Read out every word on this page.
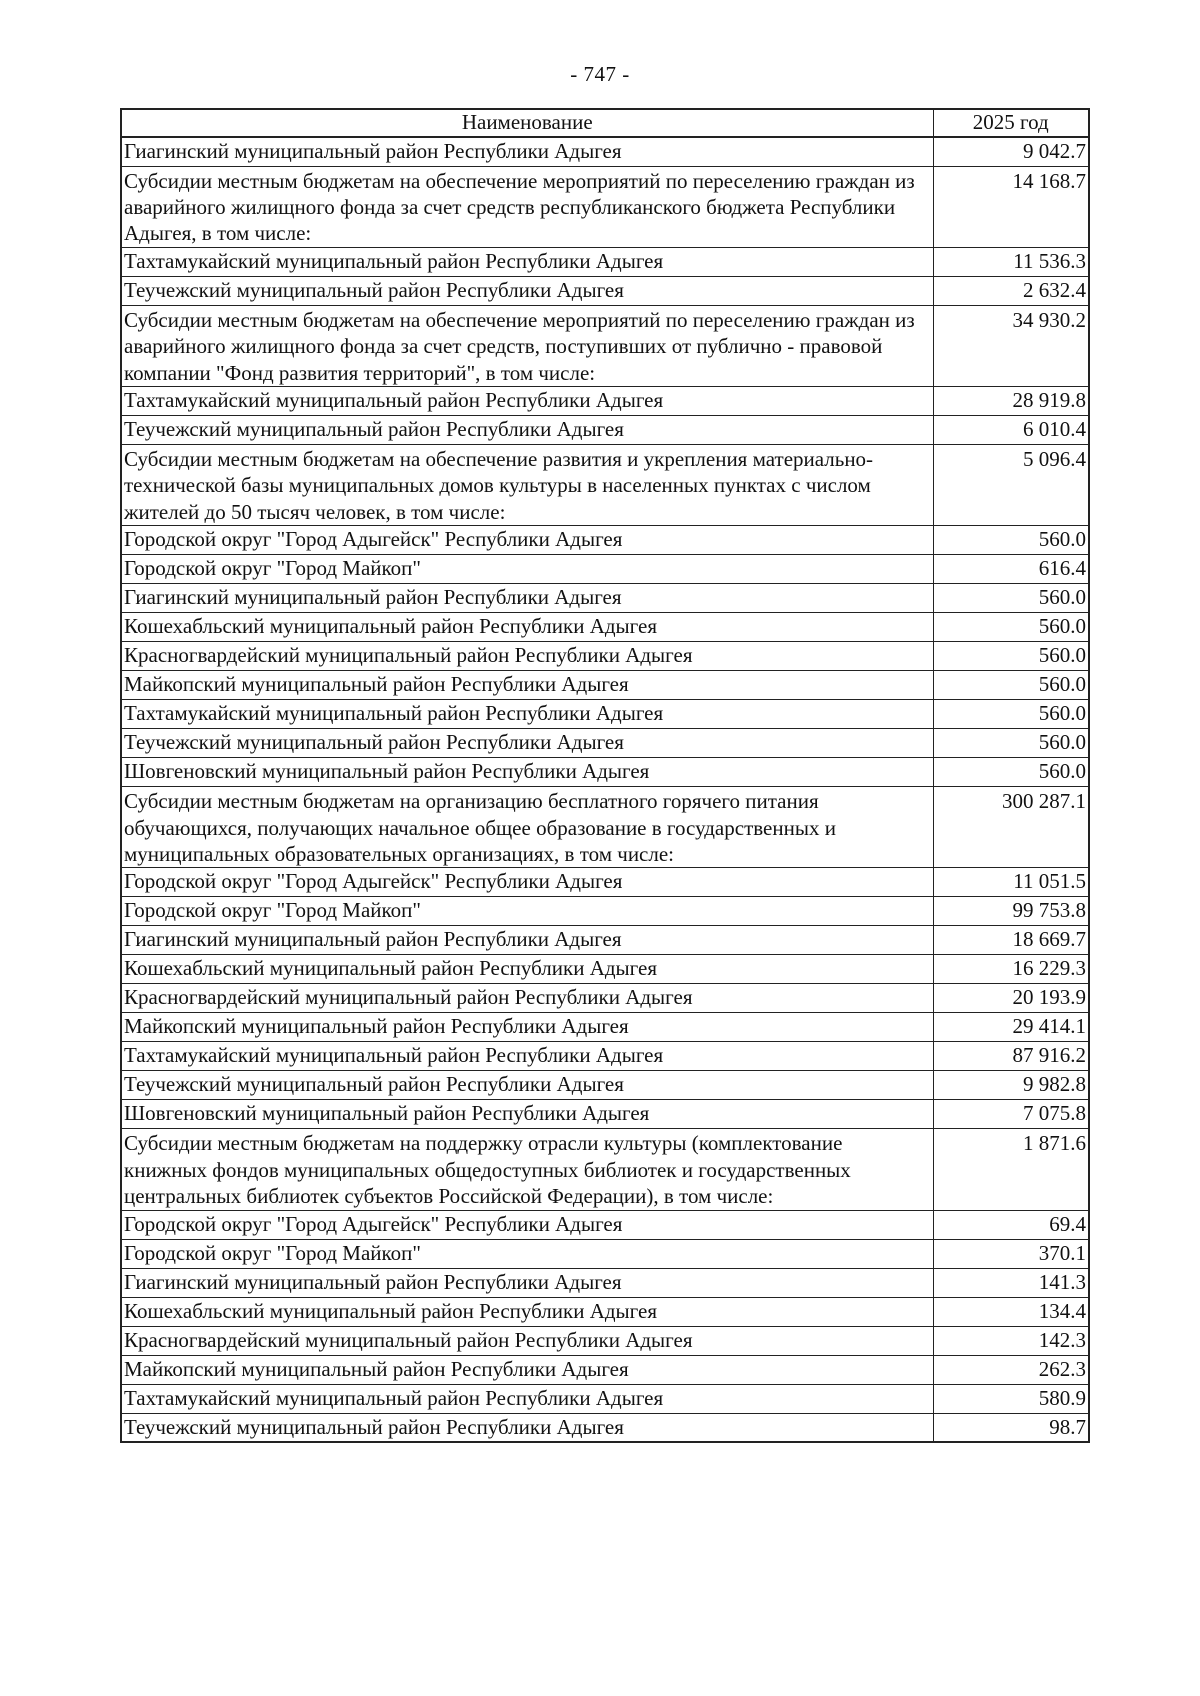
- 747 -
Наименование	2025 год
Гиагинский муниципальный район Республики Адыгея	9 042.7
Субсидии местным бюджетам на обеспечение мероприятий по переселению граждан из аварийного жилищного фонда за счет средств республиканского бюджета Республики Адыгея, в том числе:	14 168.7
Тахтамукайский муниципальный район Республики Адыгея	11 536.3
Теучежский муниципальный район Республики Адыгея	2 632.4
Субсидии местным бюджетам на обеспечение мероприятий по переселению граждан из аварийного жилищного фонда за счет средств, поступивших от публично - правовой компании "Фонд развития территорий", в том числе:	34 930.2
Тахтамукайский муниципальный район Республики Адыгея	28 919.8
Теучежский муниципальный район Республики Адыгея	6 010.4
Субсидии местным бюджетам на обеспечение развития и укрепления материально-технической базы муниципальных домов культуры в населенных пунктах с числом жителей до 50 тысяч человек, в том числе:	5 096.4
Городской округ "Город Адыгейск" Республики Адыгея	560.0
Городской округ "Город Майкоп"	616.4
Гиагинский муниципальный район Республики Адыгея	560.0
Кошехабльский муниципальный район Республики Адыгея	560.0
Красногвардейский муниципальный район Республики Адыгея	560.0
Майкопский муниципальный район Республики Адыгея	560.0
Тахтамукайский муниципальный район Республики Адыгея	560.0
Теучежский муниципальный район Республики Адыгея	560.0
Шовгеновский муниципальный район Республики Адыгея	560.0
Субсидии местным бюджетам на организацию бесплатного горячего питания обучающихся, получающих начальное общее образование в государственных и муниципальных образовательных организациях, в том числе:	300 287.1
Городской округ "Город Адыгейск" Республики Адыгея	11 051.5
Городской округ "Город Майкоп"	99 753.8
Гиагинский муниципальный район Республики Адыгея	18 669.7
Кошехабльский муниципальный район Республики Адыгея	16 229.3
Красногвардейский муниципальный район Республики Адыгея	20 193.9
Майкопский муниципальный район Республики Адыгея	29 414.1
Тахтамукайский муниципальный район Республики Адыгея	87 916.2
Теучежский муниципальный район Республики Адыгея	9 982.8
Шовгеновский муниципальный район Республики Адыгея	7 075.8
Субсидии местным бюджетам на поддержку отрасли культуры (комплектование книжных фондов муниципальных общедоступных библиотек и государственных центральных библиотек субъектов Российской Федерации), в том числе:	1 871.6
Городской округ "Город Адыгейск" Республики Адыгея	69.4
Городской округ "Город Майкоп"	370.1
Гиагинский муниципальный район Республики Адыгея	141.3
Кошехабльский муниципальный район Республики Адыгея	134.4
Красногвардейский муниципальный район Республики Адыгея	142.3
Майкопский муниципальный район Республики Адыгея	262.3
Тахтамукайский муниципальный район Республики Адыгея	580.9
Теучежский муниципальный район Республики Адыгея	98.7
